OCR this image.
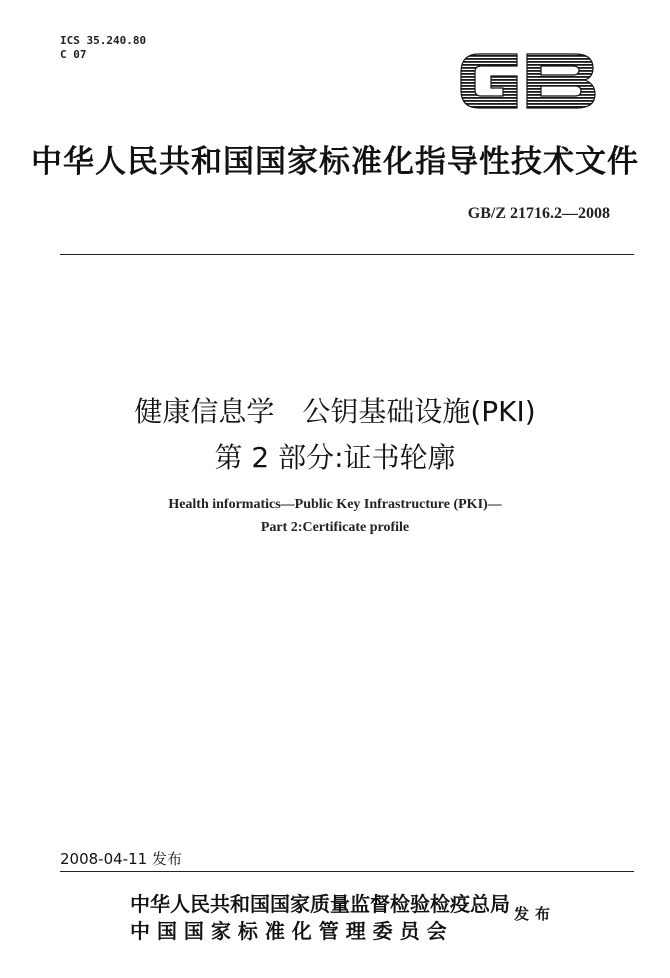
ICS 35.240.80
C 07
中华人民共和国国家标准化指导性技术文件
GB/Z 21716.2—2008
健康信息学　公钥基础设施(PKI)
第 2 部分:证书轮廓
Health informatics—Public Key Infrastructure (PKI)—
Part 2:Certificate profile
2008-04-11 发布
中华人民共和国国家质量监督检验检疫总局
中 国 国 家 标 准 化 管 理 委 员 会
发布
